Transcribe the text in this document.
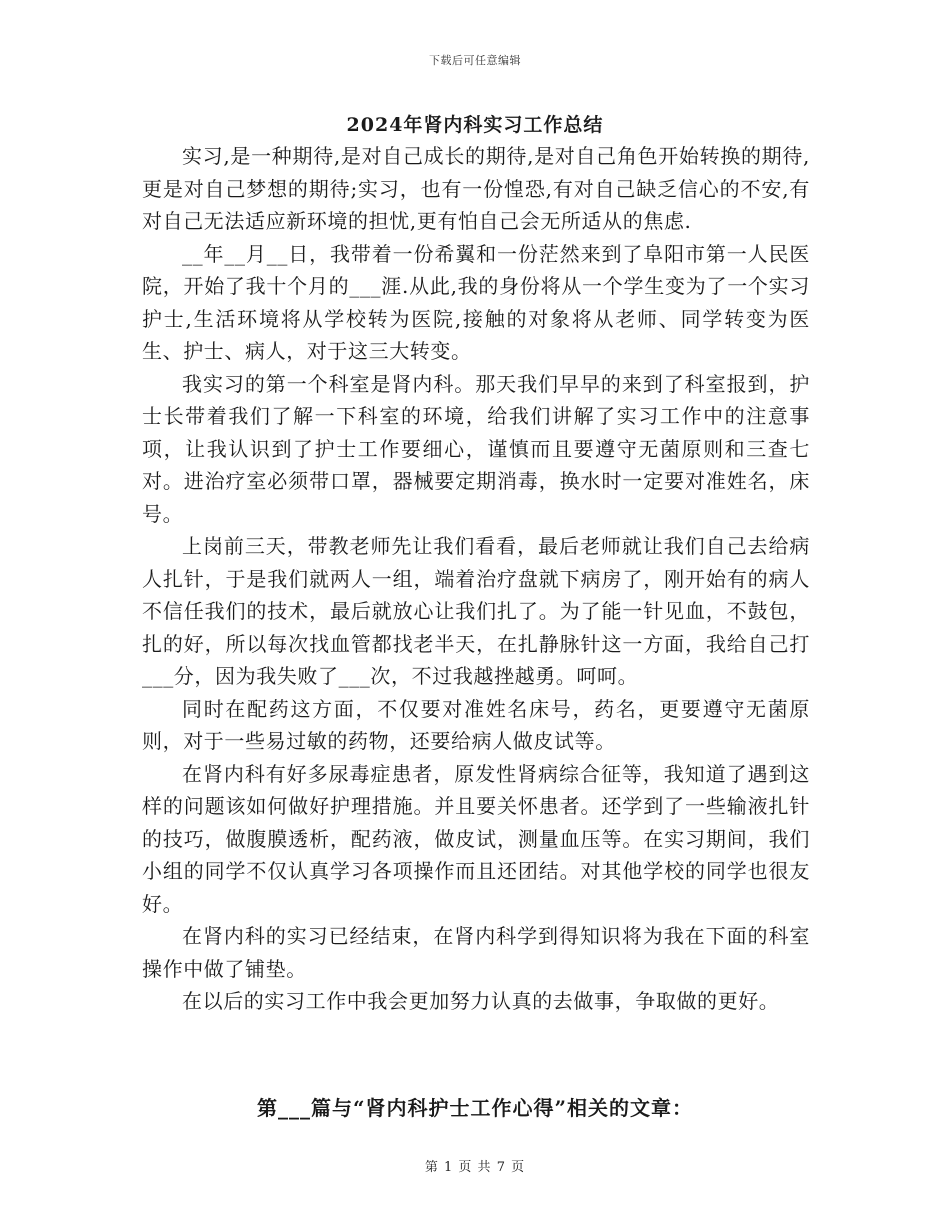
下载后可任意编辑
2024年肾内科实习工作总结

实习,是一种期待,是对自己成长的期待,是对自己角色开始转换的期待,更是对自己梦想的期待;实习，也有一份惶恐,有对自己缺乏信心的不安,有对自己无法适应新环境的担忧,更有怕自己会无所适从的焦虑.

__年__月__日，我带着一份希翼和一份茫然来到了阜阳市第一人民医院，开始了我十个月的___涯.从此,我的身份将从一个学生变为了一个实习护士,生活环境将从学校转为医院,接触的对象将从老师、同学转变为医生、护士、病人，对于这三大转变。

我实习的第一个科室是肾内科。那天我们早早的来到了科室报到，护士长带着我们了解一下科室的环境，给我们讲解了实习工作中的注意事项，让我认识到了护士工作要细心，谨慎而且要遵守无菌原则和三查七对。进治疗室必须带口罩，器械要定期消毒，换水时一定要对准姓名，床号。

上岗前三天，带教老师先让我们看看，最后老师就让我们自己去给病人扎针，于是我们就两人一组，端着治疗盘就下病房了，刚开始有的病人不信任我们的技术，最后就放心让我们扎了。为了能一针见血，不鼓包，扎的好，所以每次找血管都找老半天，在扎静脉针这一方面，我给自己打___分，因为我失败了___次，不过我越挫越勇。呵呵。

同时在配药这方面，不仅要对准姓名床号，药名，更要遵守无菌原则，对于一些易过敏的药物，还要给病人做皮试等。

在肾内科有好多尿毒症患者，原发性肾病综合征等，我知道了遇到这样的问题该如何做好护理措施。并且要关怀患者。还学到了一些输液扎针的技巧，做腹膜透析，配药液，做皮试，测量血压等。在实习期间，我们小组的同学不仅认真学习各项操作而且还团结。对其他学校的同学也很友好。

在肾内科的实习已经结束，在肾内科学到得知识将为我在下面的科室操作中做了铺垫。

在以后的实习工作中我会更加努力认真的去做事，争取做的更好。

第___篇与“肾内科护士工作心得”相关的文章：
第 1 页 共 7 页
